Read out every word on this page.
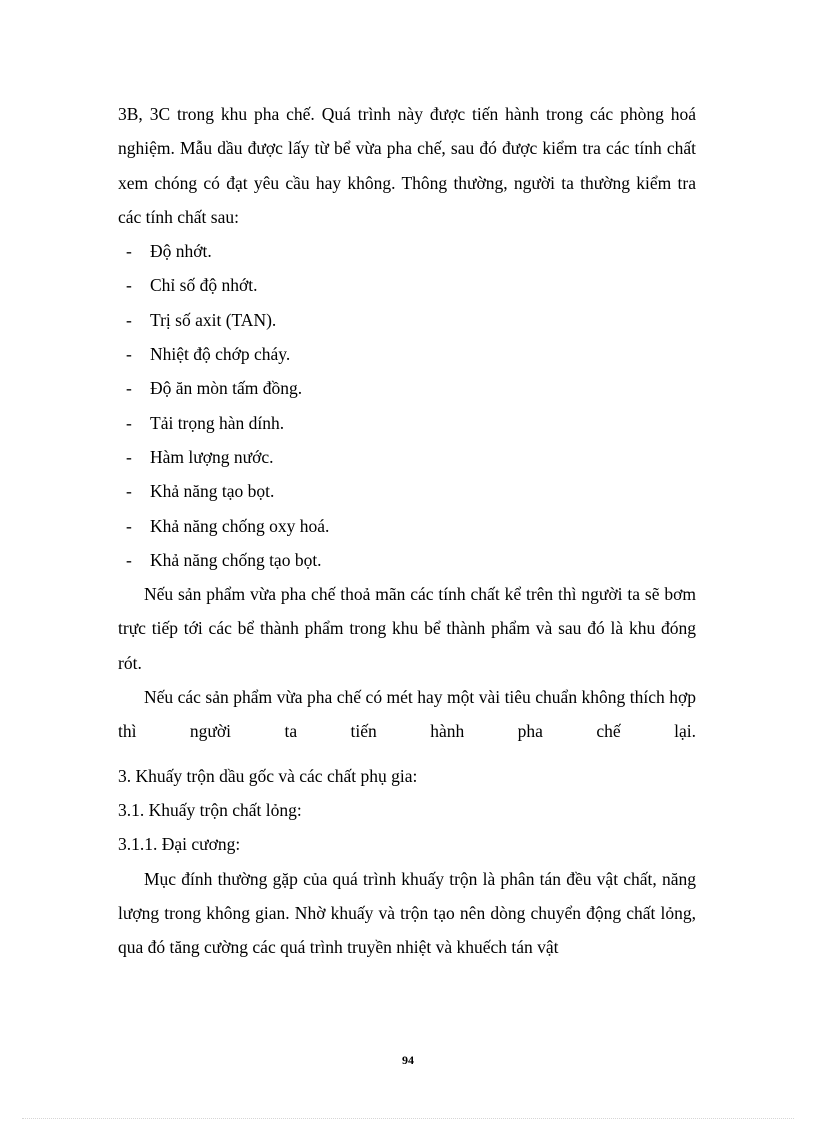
3B, 3C trong khu pha chế. Quá trình này được tiến hành trong các phòng hoá nghiệm. Mẫu dầu được lấy từ bể vừa pha chế, sau đó được kiểm tra các tính chất xem chóng có đạt yêu cầu hay không. Thông thường, người ta thường kiểm tra các tính chất sau:

-	Độ nhớt.
-	Chỉ số độ nhớt.
-	Trị số axit (TAN).
-	Nhiệt độ chớp cháy.
-	Độ ăn mòn tấm đồng.
-	Tải trọng hàn dính.
-	Hàm lượng nước.
-	Khả năng tạo bọt.
-	Khả năng chống oxy hoá.
-	Khả năng chống tạo bọt.

Nếu sản phẩm vừa pha chế thoả mãn các tính chất kể trên thì người ta sẽ bơm trực tiếp tới các bể thành phẩm trong khu bể thành phẩm và sau đó là khu đóng rót.

Nếu các sản phẩm vừa pha chế có mét hay một vài tiêu chuẩn không thích hợp thì người ta tiến hành pha chế lại.

3. Khuấy trộn dầu gốc và các chất phụ gia:

3.1. Khuấy trộn chất lỏng:

3.1.1. Đại cương:

Mục đính thường gặp của quá trình khuấy trộn là phân tán đều vật chất, năng lượng trong không gian. Nhờ khuấy và trộn tạo nên dòng chuyển động chất lỏng, qua đó tăng cường các quá trình truyền nhiệt và khuếch tán vật

94
